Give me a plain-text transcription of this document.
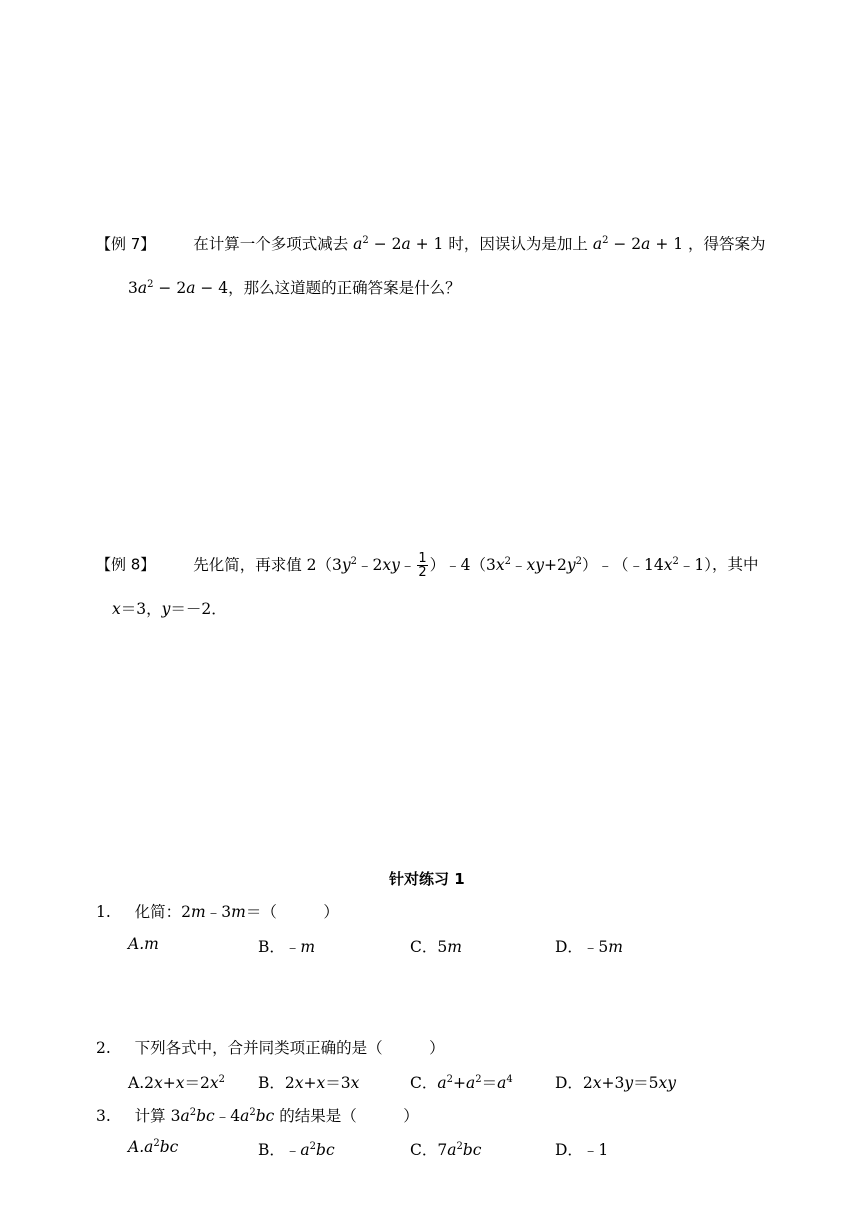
【例 7】 在计算一个多项式减去 $a^2 - 2a + 1$ 时，因误认为是加上 $a^2 - 2a + 1$ ，得答案为
$3a^2 - 2a - 4$，那么这道题的正确答案是什么？
【例 8】 先化简，再求值 $2(3y^2﹣2xy﹣ \frac{1}{2}$ ）$﹣4(3x^2﹣xy+2y^2)﹣(﹣14x^2﹣1)$，其中
x＝3，y＝－2．
针对练习 1
1. 化简：2m﹣3m＝（　　　）
A.m	B．﹣m	C．5m	D．﹣5m
2. 下列各式中，合并同类项正确的是（　　　）
$A.2x+x=2x^2$ B．2x+x＝3x	C．$a^2+a^2=a^4$	D．2x+3y＝5xy
3. 计算 $3a^2bc﹣4a^2bc$ 的结果是（　　　）
$A.a^2bc$	B．$﹣a^2bc$	C．$7a^2bc$	D．﹣1
